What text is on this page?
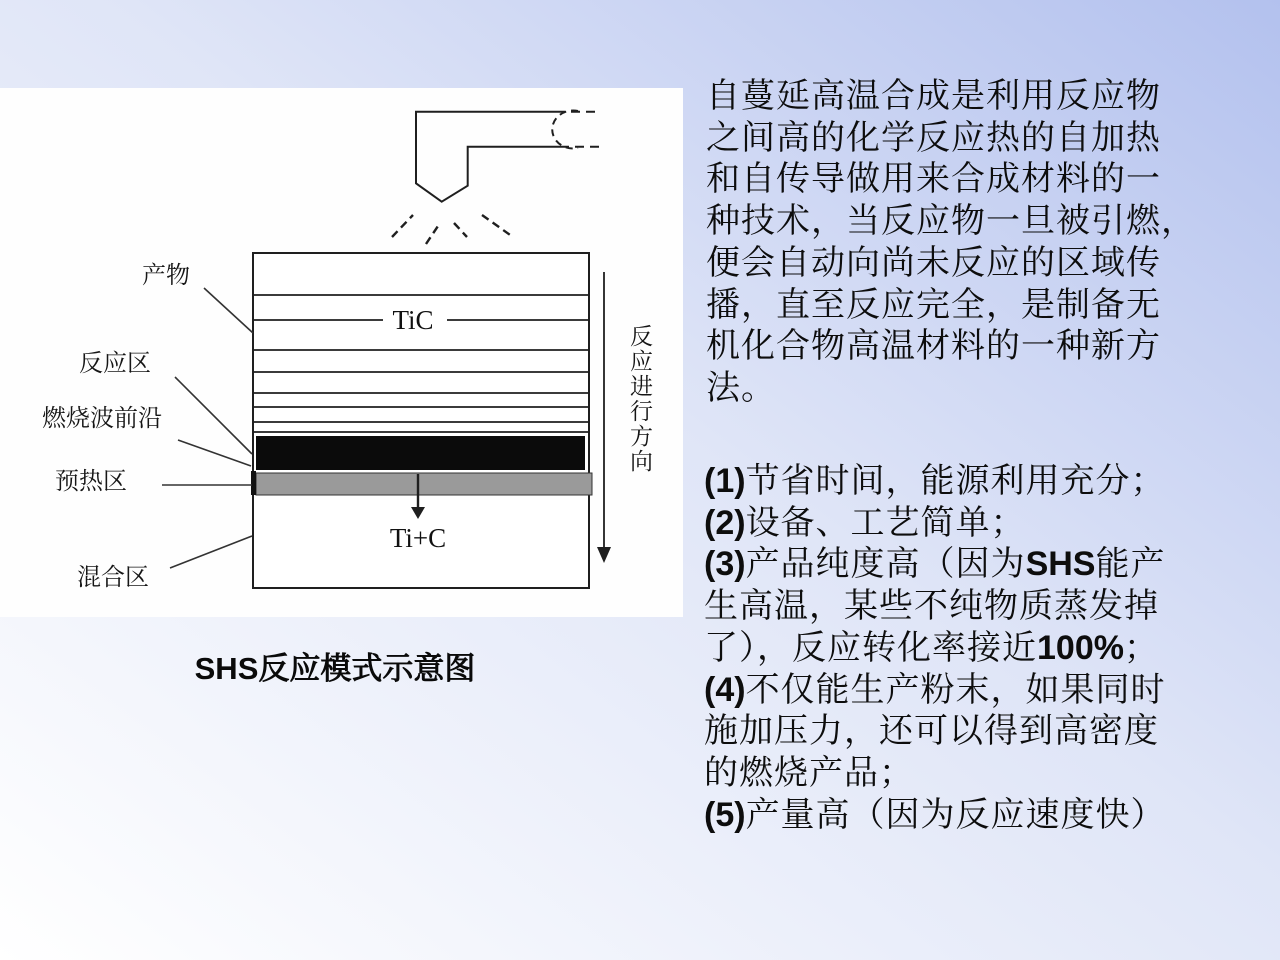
产物
反应区
燃烧波前沿
预热区
混合区
TiC
Ti+C
反应进行方向
SHS反应模式示意图
自蔓延高温合成是利用反应物
之间高的化学反应热的自加热
和自传导做用来合成材料的一
种技术，当反应物一旦被引燃，
便会自动向尚未反应的区域传
播，直至反应完全，是制备无
机化合物高温材料的一种新方
法。
(1)节省时间，能源利用充分；
(2)设备、工艺简单；
(3)产品纯度高（因为SHS能产
生高温，某些不纯物质蒸发掉
了），反应转化率接近100%；
(4)不仅能生产粉末，如果同时
施加压力，还可以得到高密度
的燃烧产品；
(5)产量高（因为反应速度快）
